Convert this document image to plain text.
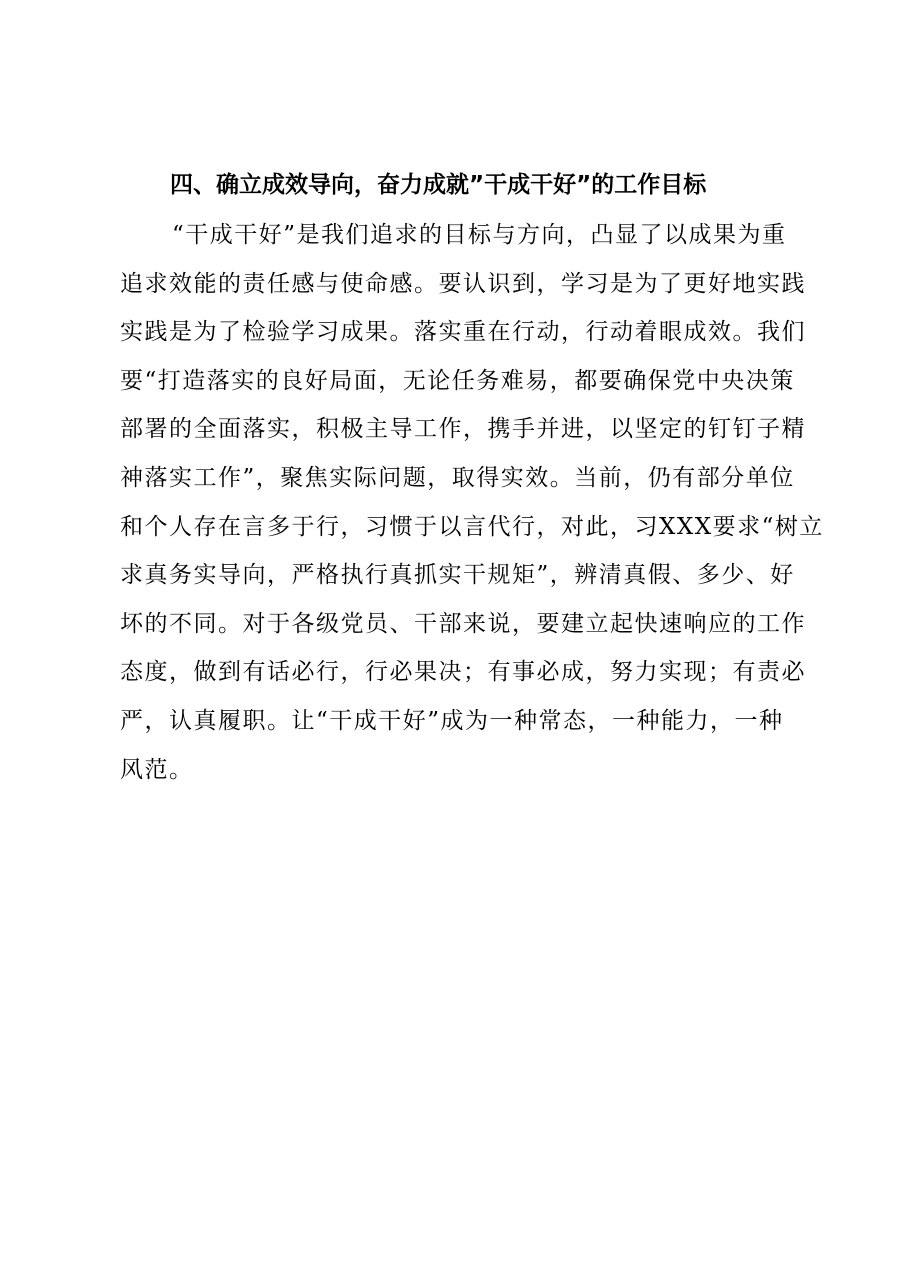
四、确立成效导向，奋力成就”干成干好”的工作目标
“干成干好”是我们追求的目标与方向，凸显了以成果为重
追求效能的责任感与使命感。要认识到，学习是为了更好地实践
实践是为了检验学习成果。落实重在行动，行动着眼成效。我们
要“打造落实的良好局面，无论任务难易，都要确保党中央决策
部署的全面落实，积极主导工作，携手并进，以坚定的钉钉子精
神落实工作”，聚焦实际问题，取得实效。当前，仍有部分单位
和个人存在言多于行，习惯于以言代行，对此，习XXX要求“树立
求真务实导向，严格执行真抓实干规矩”，辨清真假、多少、好
坏的不同。对于各级党员、干部来说，要建立起快速响应的工作
态度，做到有话必行，行必果决；有事必成，努力实现；有责必
严，认真履职。让“干成干好”成为一种常态，一种能力，一种
风范。
